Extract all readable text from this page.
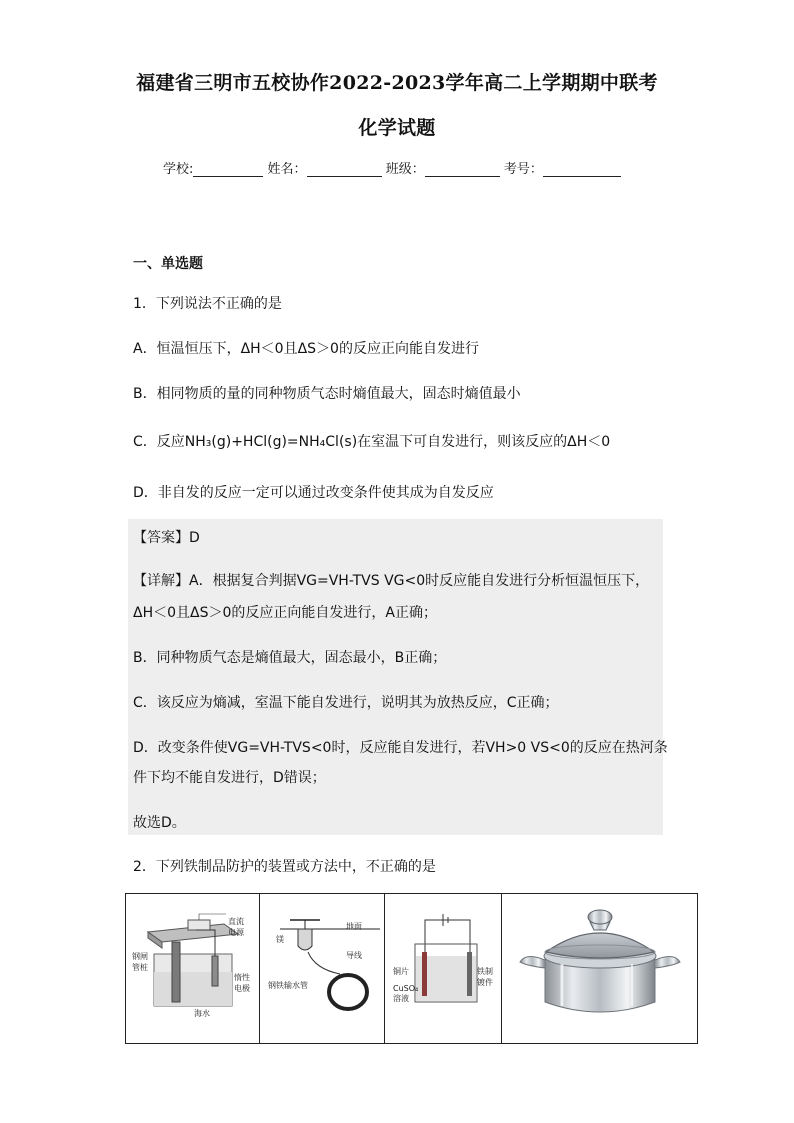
福建省三明市五校协作2022-2023学年高二上学期期中联考
化学试题
学校:	姓名：	班级：	考号：
一、单选题
1．下列说法不正确的是
A．恒温恒压下，ΔH＜0且ΔS＞0的反应正向能自发进行
B．相同物质的量的同种物质气态时熵值最大，固态时熵值最小
C．反应NH₃(g)+HCl(g)=NH₄Cl(s)在室温下可自发进行，则该反应的ΔH＜0
D．非自发的反应一定可以通过改变条件使其成为自发反应
【答案】D
【详解】A．根据复合判据VG=VH-TVS VG<0时反应能自发进行分析恒温恒压下，
ΔH＜0且ΔS＞0的反应正向能自发进行，A正确；
B．同种物质气态是熵值最大，固态最小，B正确；
C．该反应为熵减，室温下能自发进行，说明其为放热反应，C正确；
D．改变条件使VG=VH-TVS<0时，反应能自发进行，若VH>0 VS<0的反应在热河条
件下均不能自发进行，D错误；
故选D。
2．下列铁制品防护的装置或方法中，不正确的是
直流
电源
钢闸
管桩
惰性
电极
海水
地面
镁
导线
钢铁输水管
铜片	铁制
镀件
CuSO₄
溶液
